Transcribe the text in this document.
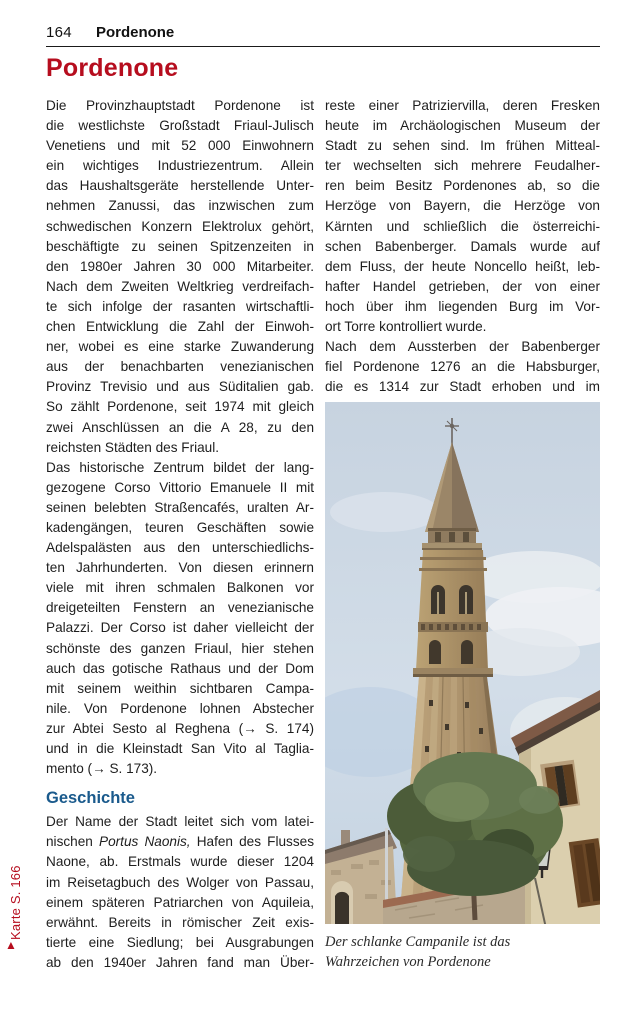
164 Pordenone
Pordenone
Die Provinzhauptstadt Pordenone ist
die westlichste Großstadt Friaul-Julisch
Venetiens und mit 52 000 Einwohnern
ein wichtiges Industriezentrum. Allein
das Haushaltsgeräte herstellende Unter-
nehmen Zanussi, das inzwischen zum
schwedischen Konzern Elektrolux gehört,
beschäftigte zu seinen Spitzenzeiten in
den 1980er Jahren 30 000 Mitarbeiter.
Nach dem Zweiten Weltkrieg verdreifach-
te sich infolge der rasanten wirtschaftli-
chen Entwicklung die Zahl der Einwoh-
ner, wobei es eine starke Zuwanderung
aus der benachbarten venezianischen
Provinz Trevisio und aus Süditalien gab.
So zählt Pordenone, seit 1974 mit gleich
zwei Anschlüssen an die A 28, zu den
reichsten Städten des Friaul.
Das historische Zentrum bildet der lang-
gezogene Corso Vittorio Emanuele II mit
seinen belebten Straßencafés, uralten Ar-
kadengängen, teuren Geschäften sowie
Adelspalästen aus den unterschiedlichs-
ten Jahrhunderten. Von diesen erinnern
viele mit ihren schmalen Balkonen vor
dreigeteilten Fenstern an venezianische
Palazzi. Der Corso ist daher vielleicht der
schönste des ganzen Friaul, hier stehen
auch das gotische Rathaus und der Dom
mit seinem weithin sichtbaren Campa-
nile. Von Pordenone lohnen Abstecher
zur Abtei Sesto al Reghena (→ S. 174)
und in die Kleinstadt San Vito al Taglia-
mento (→ S. 173).
Geschichte
Der Name der Stadt leitet sich vom latei-
nischen Portus Naonis, Hafen des Flusses
Naone, ab. Erstmals wurde dieser 1204
im Reisetagbuch des Wolger von Passau,
einem späteren Patriarchen von Aquileia,
erwähnt. Bereits in römischer Zeit exis-
tierte eine Siedlung; bei Ausgrabungen
ab den 1940er Jahren fand man Über-
reste einer Patriziervilla, deren Fresken
heute im Archäologischen Museum der
Stadt zu sehen sind. Im frühen Mitteal-
ter wechselten sich mehrere Feudalher-
ren beim Besitz Pordenones ab, so die
Herzöge von Bayern, die Herzöge von
Kärnten und schließlich die österreichi-
schen Babenberger. Damals wurde auf
dem Fluss, der heute Noncello heißt, leb-
hafter Handel getrieben, der von einer
hoch über ihm liegenden Burg im Vor-
ort Torre kontrolliert wurde.
Nach dem Aussterben der Babenberger
fiel Pordenone 1276 an die Habsburger,
die es 1314 zur Stadt erhoben und im
Der schlanke Campanile ist das
Wahrzeichen von Pordenone
Karte S. 166
▲
